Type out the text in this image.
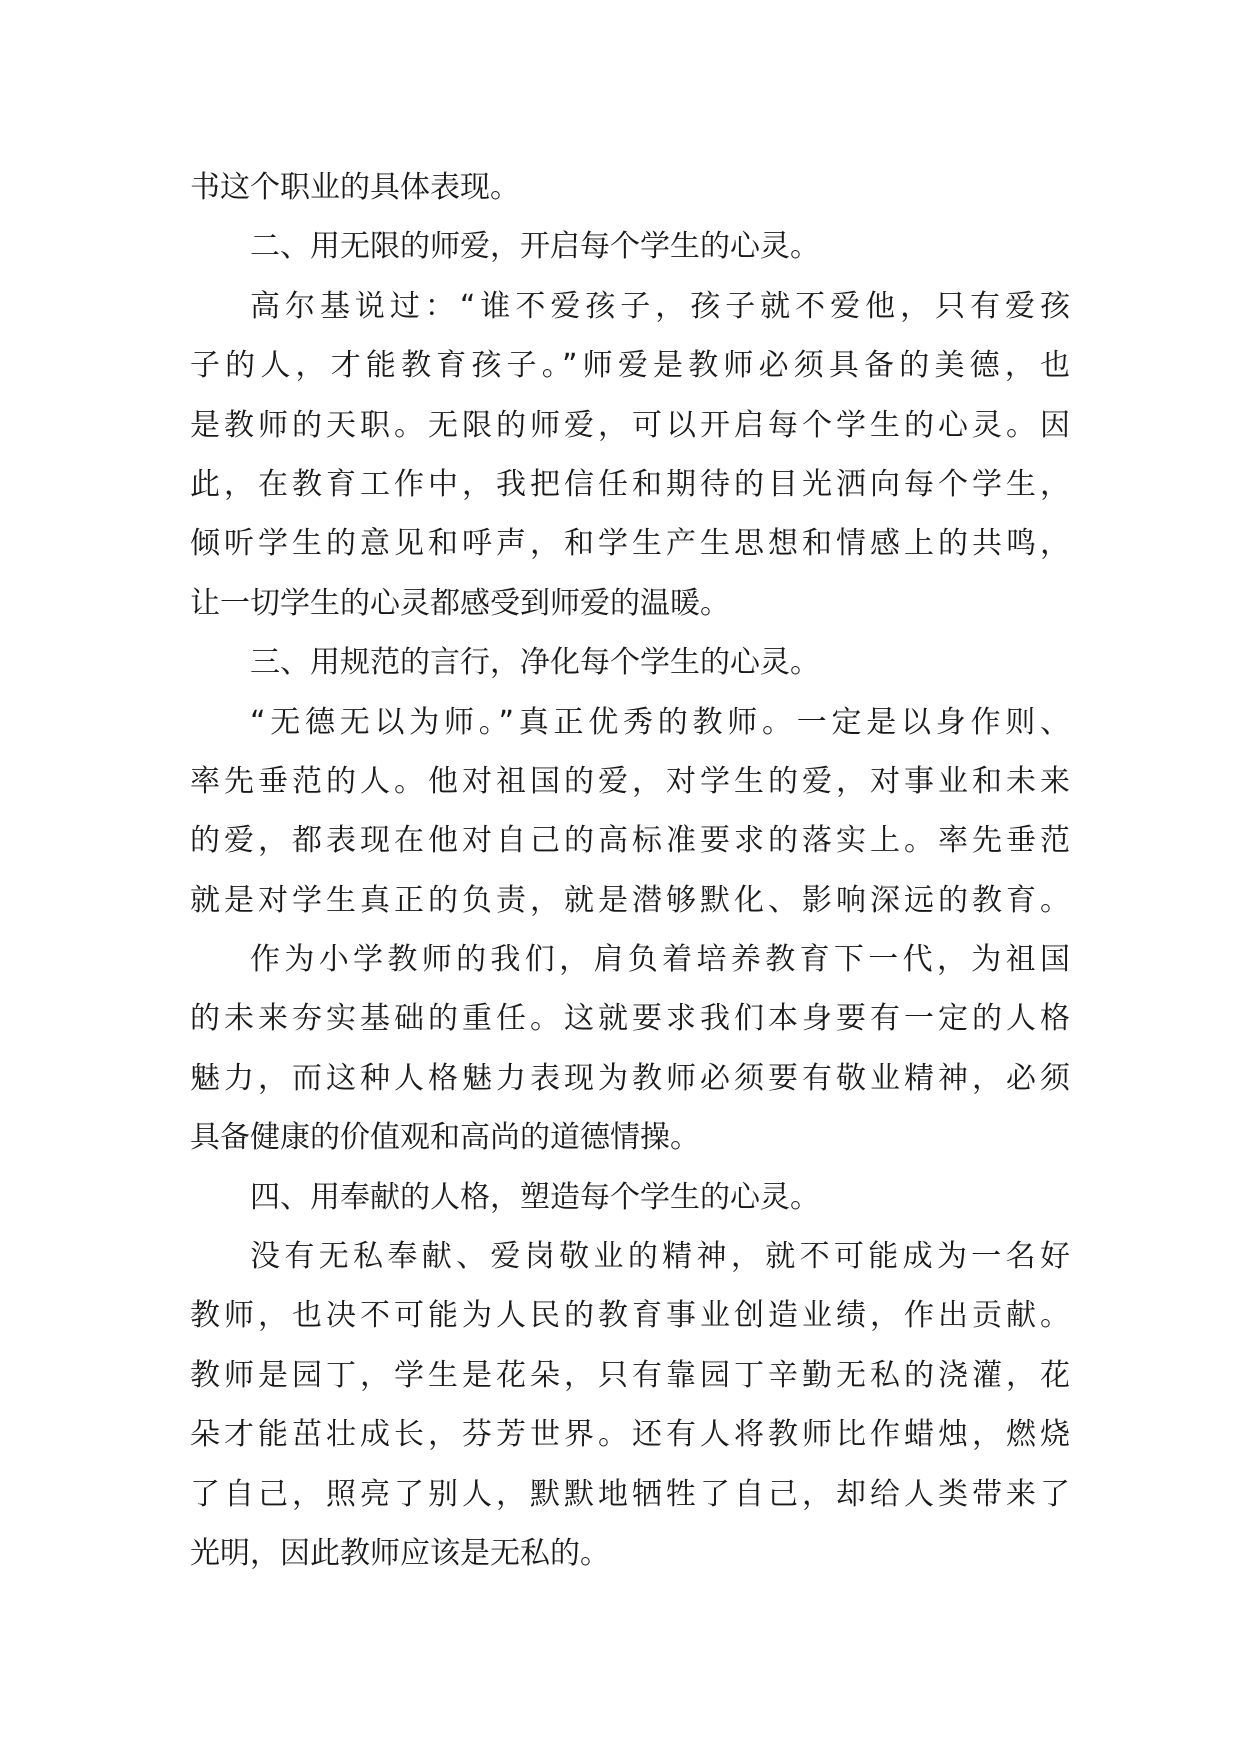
书这个职业的具体表现。
二、用无限的师爱，开启每个学生的心灵。
高尔基说过：“谁不爱孩子，孩子就不爱他，只有爱孩
子的人，才能教育孩子。”师爱是教师必须具备的美德，也
是教师的天职。无限的师爱，可以开启每个学生的心灵。因
此，在教育工作中，我把信任和期待的目光洒向每个学生，
倾听学生的意见和呼声，和学生产生思想和情感上的共鸣，
让一切学生的心灵都感受到师爱的温暖。
三、用规范的言行，净化每个学生的心灵。
“无德无以为师。”真正优秀的教师。一定是以身作则、
率先垂范的人。他对祖国的爱，对学生的爱，对事业和未来
的爱，都表现在他对自己的高标准要求的落实上。率先垂范
就是对学生真正的负责，就是潜够默化、影响深远的教育。
作为小学教师的我们，肩负着培养教育下一代，为祖国
的未来夯实基础的重任。这就要求我们本身要有一定的人格
魅力，而这种人格魅力表现为教师必须要有敬业精神，必须
具备健康的价值观和高尚的道德情操。
四、用奉献的人格，塑造每个学生的心灵。
没有无私奉献、爱岗敬业的精神，就不可能成为一名好
教师，也决不可能为人民的教育事业创造业绩，作出贡献。
教师是园丁，学生是花朵，只有靠园丁辛勤无私的浇灌，花
朵才能茁壮成长，芬芳世界。还有人将教师比作蜡烛，燃烧
了自己，照亮了别人，默默地牺牲了自己，却给人类带来了
光明，因此教师应该是无私的。
